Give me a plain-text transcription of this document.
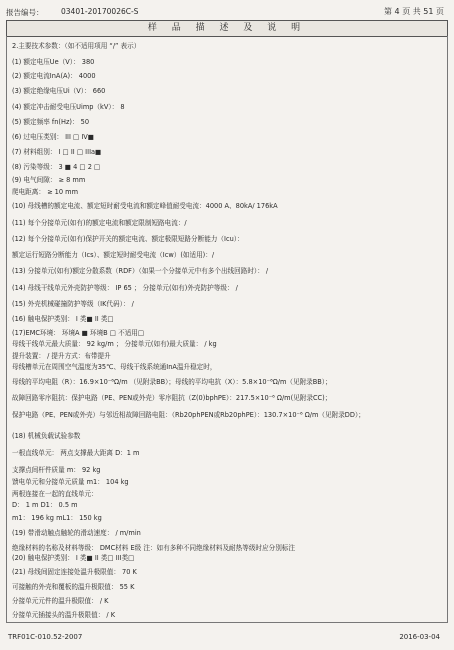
报告编号： 03401-20170026C-S	第 4 页 共 51 页
样 品 描 述 及 说 明
2.主要技术参数：（如不适用项用 “/” 表示）
(1) 额定电压Ue（V）： 380
(2) 额定电流InA(A)： 4000
(3) 额定绝缘电压Ui（V）： 660
(4) 额定冲击耐受电压Uimp（kV）： 8
(5) 额定频率 fn(Hz)： 50
(6) 过电压类别： III □ IV■
(7) 材料组别： I □ II □ IIIa■
(8) 污染等级： 3 ■ 4 □ 2 □
(9) 电气间隙： ≥ 8 mm
爬电距离： ≥ 10 mm
(10) 母线槽的额定电流、额定短时耐受电流和额定峰值耐受电流：4000 A、80kA/ 176kA
(11) 每个分接单元(如有)的额定电流和额定限制短路电流：/
(12) 每个分接单元(如有)保护开关的额定电流、额定极限短路分断能力（Icu）：
额定运行短路分断能力（Ics）、额定短时耐受电流（Icw）(如适用)：/
(13) 分接单元(如有)额定分散系数（RDF）（如果一个分接单元中有多个出线回路时）： /
(14) 母线干线单元外壳防护等级： IP 65 ； 分接单元(如有)外壳防护等级： /
(15) 外壳机械碰撞防护等级（IK代码）： /
(16) 触电保护类别： I 类■ II 类□
(17)EMC环境： 环境A ■ 环境B □ 不适用□
母线干线单元最大质量： 92 kg/m ； 分接单元(如有)最大质量： / kg
提升装置： / 提升方式：布带提升
母线槽单元在周围空气温度为35℃、母线干线系统通InA温升稳定时，
母线的平均电阻（R）：16.9×10⁻⁶Ω/m （见附录BB）；母线的平均电抗（X）：5.8×10⁻⁶Ω/m（见附录BB）；
故障回路零序阻抗：保护电路（PE、PEN或外壳）零序阻抗（Z(0)bphPE）：217.5×10⁻⁶ Ω/m(见附录CC)；
保护电路（PE、PEN或外壳）与邻近相故障回路电阻：（Rb20phPEN或Rb20phPE）：130.7×10⁻⁶ Ω/m（见附录DD）；
(18) 机械负载试验参数
一根直线单元： 两点支撑最大距离 D：1 m
支撑点间杆件质量 m： 92 kg
馈电单元和分接单元质量 m1： 104 kg
两根连接在一起的直线单元：
D： 1 m D1： 0.5 m
m1： 196 kg mL1： 150 kg
(19) 带滑动触点触轮的滑动速度： / m/min
绝缘材料的名称及材料等级： DMC材料 E级 注：如有多种不同绝缘材料及耐热等级时应分别标注
(20) 触电保护类别： I 类■ II 类□ III类□
(21) 母线间固定连接处温升极限值： 70 K
可接触的外壳和覆板的温升极限值： 55 K
分接单元元件的温升极限值： / K
分接单元插接头的温升极限值： / K
TRF01C-010.52-2007	2016-03-04
